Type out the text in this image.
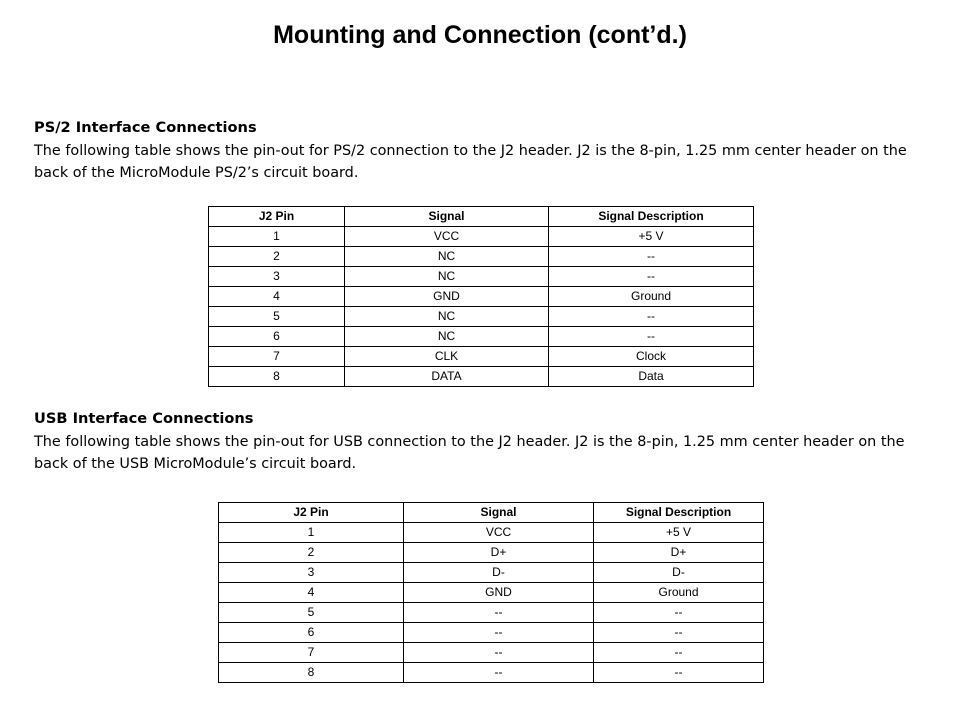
Mounting and Connection (cont’d.)

PS/2 Interface Connections

The following table shows the pin-out for PS/2 connection to the J2 header. J2 is the 8-pin, 1.25 mm center header on the back of the MicroModule PS/2’s circuit board.

J2 Pin	Signal	Signal Description
1	VCC	+5 V
2	NC	--
3	NC	--
4	GND	Ground
5	NC	--
6	NC	--
7	CLK	Clock
8	DATA	Data

USB Interface Connections

The following table shows the pin-out for USB connection to the J2 header. J2 is the 8-pin, 1.25 mm center header on the back of the USB MicroModule’s circuit board.

J2 Pin	Signal	Signal Description
1	VCC	+5 V
2	D+	D+
3	D-	D-
4	GND	Ground
5	--	--
6	--	--
7	--	--
8	--	--
